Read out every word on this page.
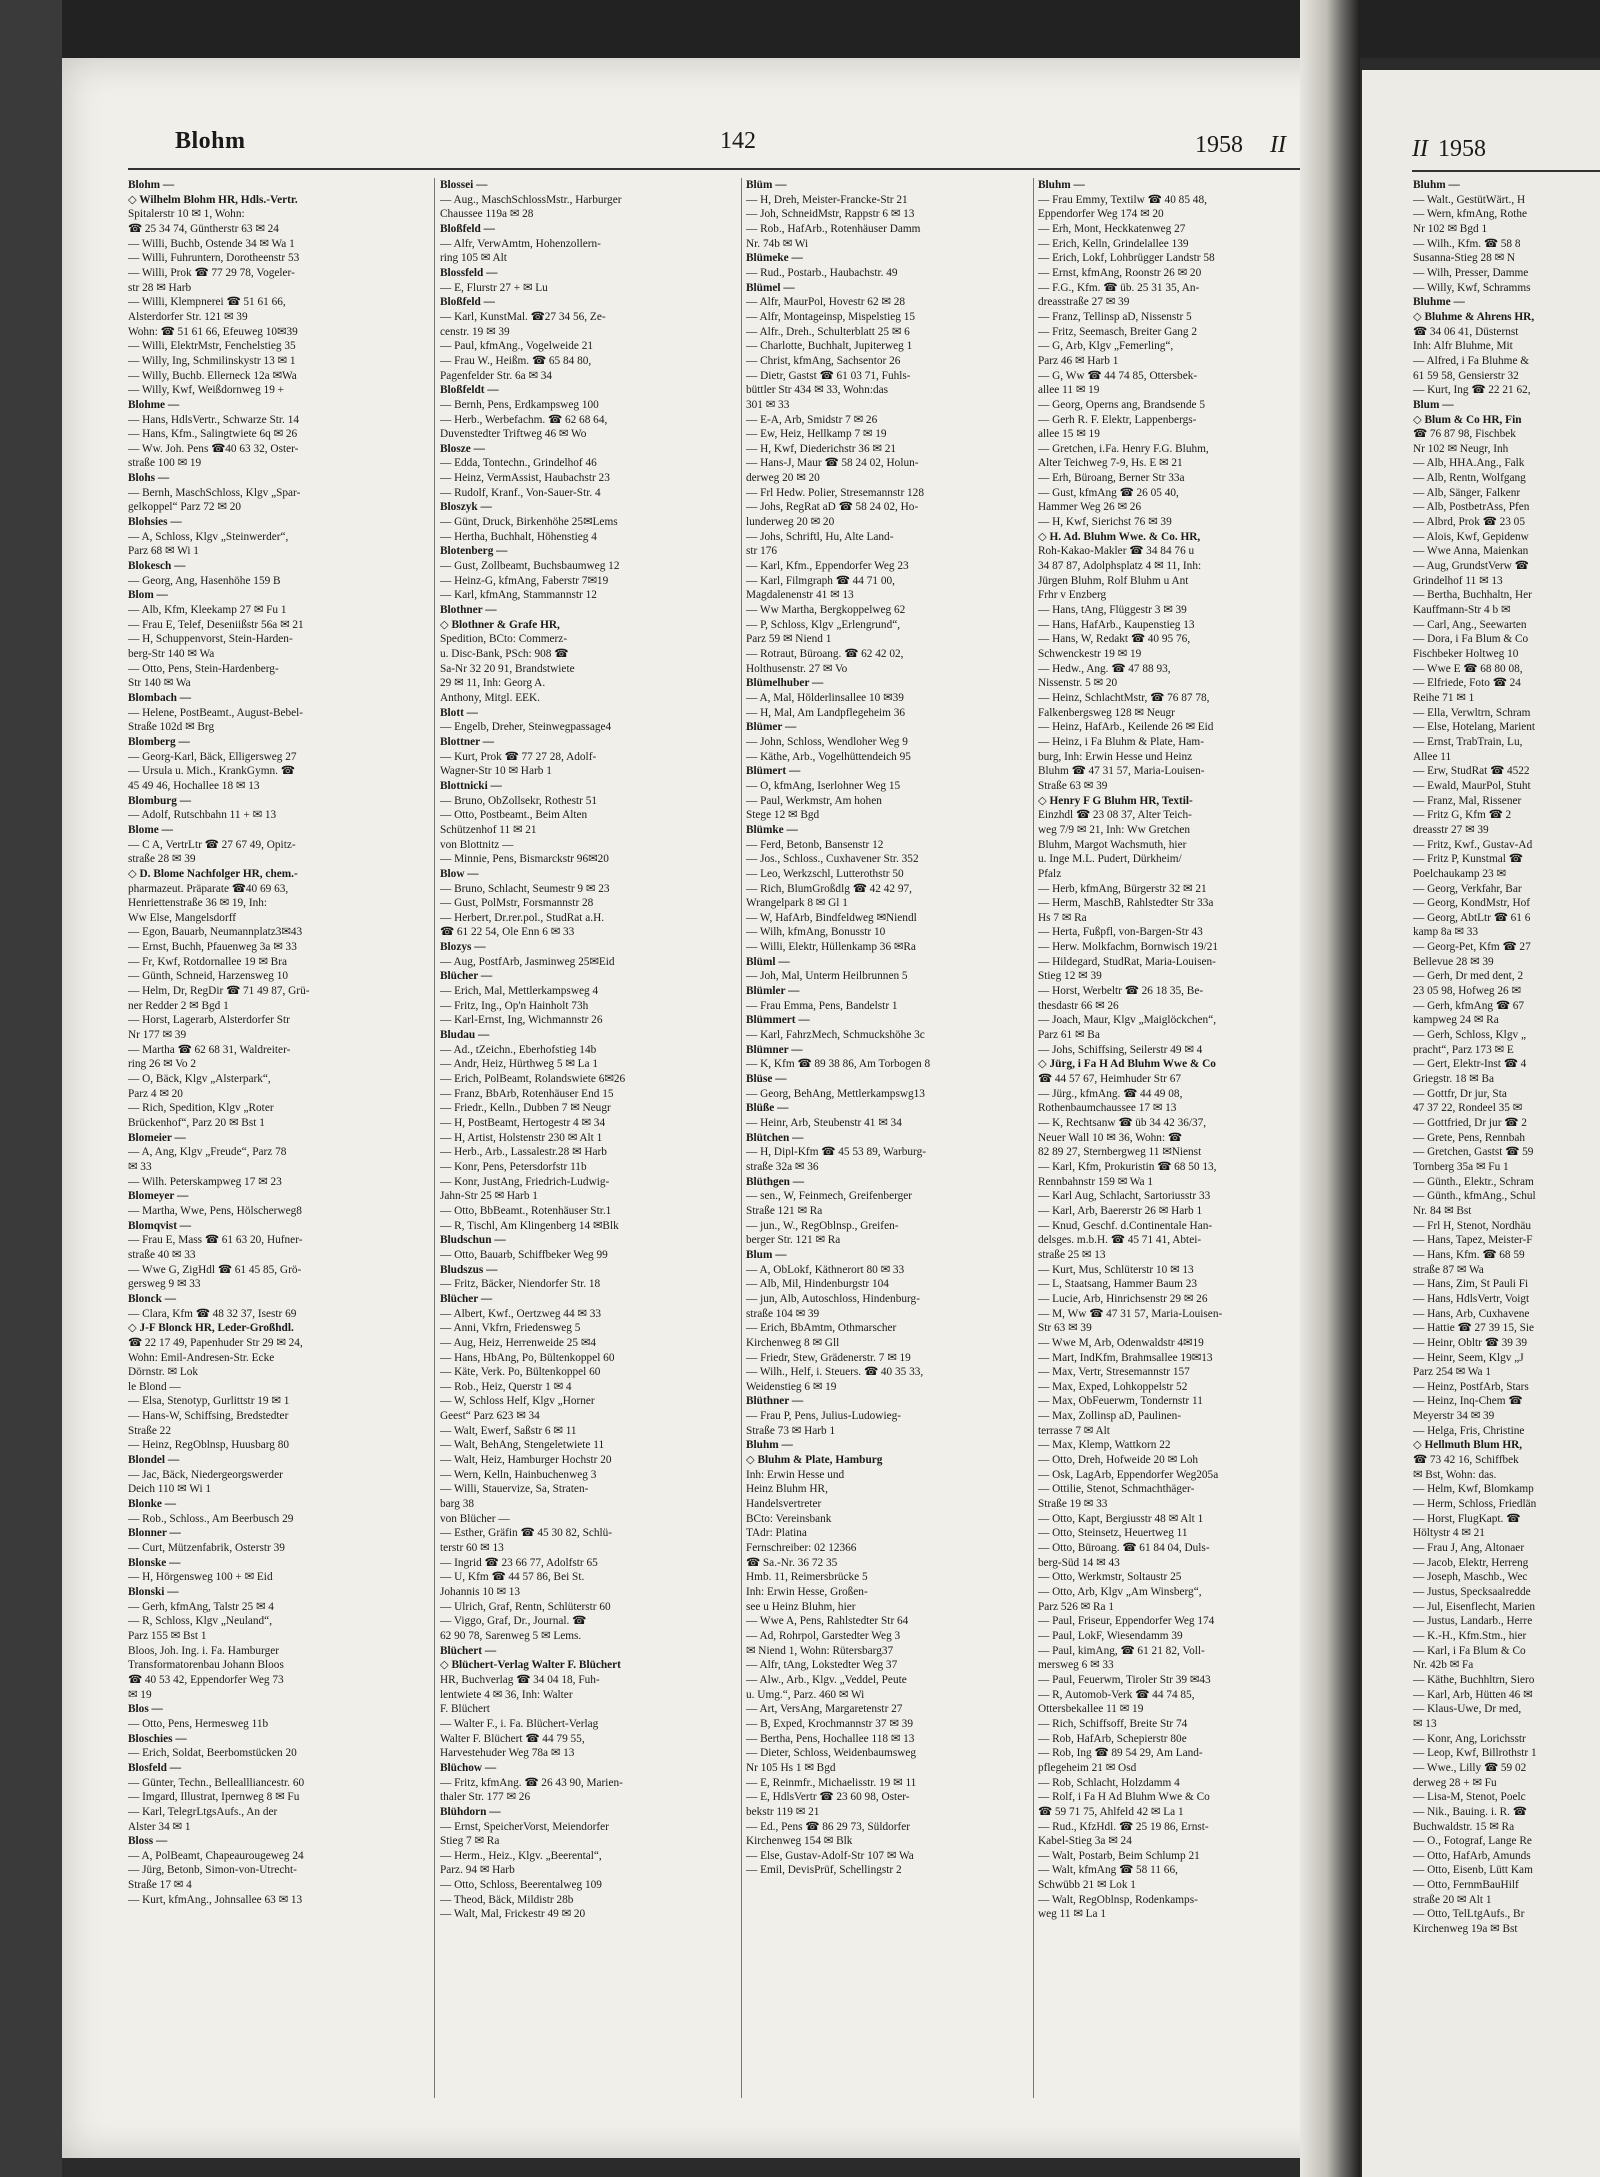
Blohm	142	1958 II	II 1958
Blohm —
◇ Wilhelm Blohm HR, Hdls.-Vertr.
Spitalerstr 10 ✉ 1, Wohn:
☎ 25 34 74, Güntherstr 63 ✉ 24
— Willi, Buchb, Ostende 34 ✉ Wa 1
— Willi, Fuhruntern, Dorotheenstr 53
— Willi, Prok ☎ 77 29 78, Vogeler-
str 28 ✉ Harb
— Willi, Klempnerei ☎ 51 61 66,
Alsterdorfer Str. 121 ✉ 39
Wohn: ☎ 51 61 66, Efeuweg 10✉39
— Willi, ElektrMstr, Fenchelstieg 35
— Willy, Ing, Schmilinskystr 13 ✉ 1
— Willy, Buchb. Ellerneck 12a ✉Wa
— Willy, Kwf, Weißdornweg 19 +
Blohme —
— Hans, HdlsVertr., Schwarze Str. 14
— Hans, Kfm., Salingtwiete 6q ✉ 26
— Ww. Joh. Pens ☎40 63 32, Oster-
straße 100 ✉ 19
Blohs —
— Bernh, MaschSchloss, Klgv „Spar-
gelkoppel“ Parz 72 ✉ 20
Blohsies —
— A, Schloss, Klgv „Steinwerder“,
Parz 68 ✉ Wi 1
Blokesch —
— Georg, Ang, Hasenhöhe 159 B
Blom —
— Alb, Kfm, Kleekamp 27 ✉ Fu 1
— Frau E, Telef, Deseniißstr 56a ✉ 21
— H, Schuppenvorst, Stein-Harden-
berg-Str 140 ✉ Wa
— Otto, Pens, Stein-Hardenberg-
Str 140 ✉ Wa
Blombach —
— Helene, PostBeamt., August-Bebel-
Straße 102d ✉ Brg
Blomberg —
— Georg-Karl, Bäck, Elligersweg 27
— Ursula u. Mich., KrankGymn. ☎
45 49 46, Hochallee 18 ✉ 13
Blomburg —
— Adolf, Rutschbahn 11 + ✉ 13
Blome —
— C A, VertrLtr ☎ 27 67 49, Opitz-
straße 28 ✉ 39
◇ D. Blome Nachfolger HR, chem.-
pharmazeut. Präparate ☎40 69 63,
Henriettenstraße 36 ✉ 19, Inh:
Ww Else, Mangelsdorff
— Egon, Bauarb, Neumannplatz3✉43
— Ernst, Buchh, Pfauenweg 3a ✉ 33
— Fr, Kwf, Rotdornallee 19 ✉ Bra
— Günth, Schneid, Harzensweg 10
— Helm, Dr, RegDir ☎ 71 49 87, Grü-
ner Redder 2 ✉ Bgd 1
— Horst, Lagerarb, Alsterdorfer Str
Nr 177 ✉ 39
— Martha ☎ 62 68 31, Waldreiter-
ring 26 ✉ Vo 2
— O, Bäck, Klgv „Alsterpark“,
Parz 4 ✉ 20
— Rich, Spedition, Klgv „Roter
Brückenhof“, Parz 20 ✉ Bst 1
Blomeier —
— A, Ang, Klgv „Freude“, Parz 78
✉ 33
— Wilh. Peterskampweg 17 ✉ 23
Blomeyer —
— Martha, Wwe, Pens, Hölscherweg8
Blomqvist —
— Frau E, Mass ☎ 61 63 20, Hufner-
straße 40 ✉ 33
— Wwe G, ZigHdl ☎ 61 45 85, Grö-
gersweg 9 ✉ 33
Blonck —
— Clara, Kfm ☎ 48 32 37, Isestr 69
◇ J-F Blonck HR, Leder-Großhdl.
☎ 22 17 49, Papenhuder Str 29 ✉ 24,
Wohn: Emil-Andresen-Str. Ecke
Dörnstr. ✉ Lok
le Blond —
— Elsa, Stenotyp, Gurlittstr 19 ✉ 1
— Hans-W, Schiffsing, Bredstedter
Straße 22
— Heinz, RegOblnsp, Huusbarg 80
Blondel —
— Jac, Bäck, Niedergeorgswerder
Deich 110 ✉ Wi 1
Blonke —
— Rob., Schloss., Am Beerbusch 29
Blonner —
— Curt, Mützenfabrik, Osterstr 39
Blonske —
— H, Hörgensweg 100 + ✉ Eid
Blonski —
— Gerh, kfmAng, Talstr 25 ✉ 4
— R, Schloss, Klgv „Neuland“,
Parz 155 ✉ Bst 1
Bloos, Joh. Ing. i. Fa. Hamburger
Transformatorenbau Johann Bloos
☎ 40 53 42, Eppendorfer Weg 73
✉ 19
Blos —
— Otto, Pens, Hermesweg 11b
Bloschies —
— Erich, Soldat, Beerbomstücken 20
Blosfeld —
— Günter, Techn., Belleallliancestr. 60
— Imgard, Illustrat, Ipernweg 8 ✉ Fu
— Karl, TelegrLtgsAufs., An der
Alster 34 ✉ 1
Bloss —
— A, PolBeamt, Chapeaurougeweg 24
— Jürg, Betonb, Simon-von-Utrecht-
Straße 17 ✉ 4
— Kurt, kfmAng., Johnsallee 63 ✉ 13
Blossei —
— Aug., MaschSchlossMstr., Harburger
Chaussee 119a ✉ 28
Bloßfeld —
— Alfr, VerwAmtm, Hohenzollern-
ring 105 ✉ Alt
Blossfeld —
— E, Flurstr 27 + ✉ Lu
Bloßfeld —
— Karl, KunstMal. ☎27 34 56, Ze-
censtr. 19 ✉ 39
— Paul, kfmAng., Vogelweide 21
— Frau W., Heißm. ☎ 65 84 80,
Pagenfelder Str. 6a ✉ 34
Bloßfeldt —
— Bernh, Pens, Erdkampsweg 100
— Herb., Werbefachm. ☎ 62 68 64,
Duvenstedter Triftweg 46 ✉ Wo
Blosze —
— Edda, Tontechn., Grindelhof 46
— Heinz, VermAssist, Haubachstr 23
— Rudolf, Kranf., Von-Sauer-Str. 4
Bloszyk —
— Günt, Druck, Birkenhöhe 25✉Lems
— Hertha, Buchhalt, Höhenstieg 4
Blotenberg —
— Gust, Zollbeamt, Buchsbaumweg 12
— Heinz-G, kfmAng, Faberstr 7✉19
— Karl, kfmAng, Stammannstr 12
Blothner —
◇ Blothner & Grafe HR,
Spedition, BCto: Commerz-
u. Disc-Bank, PSch: 908 ☎
Sa-Nr 32 20 91, Brandstwiete
29 ✉ 11, Inh: Georg A.
Anthony, Mitgl. EEK.
Blott —
— Engelb, Dreher, Steinwegpassage4
Blottner —
— Kurt, Prok ☎ 77 27 28, Adolf-
Wagner-Str 10 ✉ Harb 1
Blottnicki —
— Bruno, ObZollsekr, Rothestr 51
— Otto, Postbeamt., Beim Alten
Schützenhof 11 ✉ 21
von Blottnitz —
— Minnie, Pens, Bismarckstr 96✉20
Blow —
— Bruno, Schlacht, Seumestr 9 ✉ 23
— Gust, PolMstr, Forsmannstr 28
— Herbert, Dr.rer.pol., StudRat a.H.
☎ 61 22 54, Ole Enn 6 ✉ 33
Blozys —
— Aug, PostfArb, Jasminweg 25✉Eid
Blücher —
— Erich, Mal, Mettlerkampsweg 4
— Fritz, Ing., Op'n Hainholt 73h
— Karl-Ernst, Ing, Wichmannstr 26
Bludau —
— Ad., tZeichn., Eberhofstieg 14b
— Andr, Heiz, Hürthweg 5 ✉ La 1
— Erich, PolBeamt, Rolandswiete 6✉26
— Franz, BbArb, Rotenhäuser End 15
— Friedr., Kelln., Dubben 7 ✉ Neugr
— H, PostBeamt, Hertogestr 4 ✉ 34
— H, Artist, Holstenstr 230 ✉ Alt 1
— Herb., Arb., Lassalestr.28 ✉ Harb
— Konr, Pens, Petersdorfstr 11b
— Konr, JustAng, Friedrich-Ludwig-
Jahn-Str 25 ✉ Harb 1
— Otto, BbBeamt., Rotenhäuser Str.1
— R, Tischl, Am Klingenberg 14 ✉Blk
Bludschun —
— Otto, Bauarb, Schiffbeker Weg 99
Bludszus —
— Fritz, Bäcker, Niendorfer Str. 18
Blücher —
— Albert, Kwf., Oertzweg 44 ✉ 33
— Anni, Vkfrn, Friedensweg 5
— Aug, Heiz, Herrenweide 25 ✉4
— Hans, HbAng, Po, Bültenkoppel 60
— Käte, Verk. Po, Bültenkoppel 60
— Rob., Heiz, Querstr 1 ✉ 4
— W, Schloss Helf, Klgv „Horner
Geest“ Parz 623 ✉ 34
— Walt, Ewerf, Saßstr 6 ✉ 11
— Walt, BehAng, Stengeletwiete 11
— Walt, Heiz, Hamburger Hochstr 20
— Wern, Kelln, Hainbuchenweg 3
— Willi, Stauervize, Sa, Straten-
barg 38
von Blücher —
— Esther, Gräfin ☎ 45 30 82, Schlü-
terstr 60 ✉ 13
— Ingrid ☎ 23 66 77, Adolfstr 65
— U, Kfm ☎ 44 57 86, Bei St.
Johannis 10 ✉ 13
— Ulrich, Graf, Rentn, Schlüterstr 60
— Viggo, Graf, Dr., Journal. ☎
62 90 78, Sarenweg 5 ✉ Lems.
Blüchert —
◇ Blüchert-Verlag Walter F. Blüchert
HR, Buchverlag ☎ 34 04 18, Fuh-
lentwiete 4 ✉ 36, Inh: Walter
F. Blüchert
— Walter F., i. Fa. Blüchert-Verlag
Walter F. Blüchert ☎ 44 79 55,
Harvestehuder Weg 78a ✉ 13
Blüchow —
— Fritz, kfmAng. ☎ 26 43 90, Marien-
thaler Str. 177 ✉ 26
Blühdorn —
— Ernst, SpeicherVorst, Meiendorfer
Stieg 7 ✉ Ra
— Herm., Heiz., Klgv. „Beerental“,
Parz. 94 ✉ Harb
— Otto, Schloss, Beerentalweg 109
— Theod, Bäck, Mildistr 28b
— Walt, Mal, Frickestr 49 ✉ 20
Blüm —
— H, Dreh, Meister-Francke-Str 21
— Joh, SchneidMstr, Rappstr 6 ✉ 13
— Rob., HafArb., Rotenhäuser Damm
Nr. 74b ✉ Wi
Blümeke —
— Rud., Postarb., Haubachstr. 49
Blümel —
— Alfr, MaurPol, Hovestr 62 ✉ 28
— Alfr, Montageinsp, Mispelstieg 15
— Alfr., Dreh., Schulterblatt 25 ✉ 6
— Charlotte, Buchhalt, Jupiterweg 1
— Christ, kfmAng, Sachsentor 26
— Dietr, Gastst ☎ 61 03 71, Fuhls-
büttler Str 434 ✉ 33, Wohn:das
301 ✉ 33
— E-A, Arb, Smidstr 7 ✉ 26
— Ew, Heiz, Hellkamp 7 ✉ 19
— H, Kwf, Diederichstr 36 ✉ 21
— Hans-J, Maur ☎ 58 24 02, Holun-
derweg 20 ✉ 20
— Frl Hedw. Polier, Stresemannstr 128
— Johs, RegRat aD ☎ 58 24 02, Ho-
lunderweg 20 ✉ 20
— Johs, Schriftl, Hu, Alte Land-
str 176
— Karl, Kfm., Eppendorfer Weg 23
— Karl, Filmgraph ☎ 44 71 00,
Magdalenenstr 41 ✉ 13
— Ww Martha, Bergkoppelweg 62
— P, Schloss, Klgv „Erlengrund“,
Parz 59 ✉ Niend 1
— Rotraut, Büroang. ☎ 62 42 02,
Holthusenstr. 27 ✉ Vo
Blümelhuber —
— A, Mal, Hölderlinsallee 10 ✉39
— H, Mal, Am Landpflegeheim 36
Blümer —
— John, Schloss, Wendloher Weg 9
— Käthe, Arb., Vogelhüttendeich 95
Blümert —
— O, kfmAng, Iserlohner Weg 15
— Paul, Werkmstr, Am hohen
Stege 12 ✉ Bgd
Blümke —
— Ferd, Betonb, Bansenstr 12
— Jos., Schloss., Cuxhavener Str. 352
— Leo, Werkzschl, Lutterothstr 50
— Rich, BlumGroßdlg ☎ 42 42 97,
Wrangelpark 8 ✉ Gl 1
— W, HafArb, Bindfeldweg ✉Niendl
— Wilh, kfmAng, Bonusstr 10
— Willi, Elektr, Hüllenkamp 36 ✉Ra
Blüml —
— Joh, Mal, Unterm Heilbrunnen 5
Blümler —
— Frau Emma, Pens, Bandelstr 1
Blümmert —
— Karl, FahrzMech, Schmuckshöhe 3c
Blümner —
— K, Kfm ☎ 89 38 86, Am Torbogen 8
Blüse —
— Georg, BehAng, Mettlerkampswg13
Blüße —
— Heinr, Arb, Steubenstr 41 ✉ 34
Blütchen —
— H, Dipl-Kfm ☎ 45 53 89, Warburg-
straße 32a ✉ 36
Blüthgen —
— sen., W, Feinmech, Greifenberger
Straße 121 ✉ Ra
— jun., W., RegOblnsp., Greifen-
berger Str. 121 ✉ Ra
Blum —
— A, ObLokf, Käthnerort 80 ✉ 33
— Alb, Mil, Hindenburgstr 104
— jun, Alb, Autoschloss, Hindenburg-
straße 104 ✉ 39
— Erich, BbAmtm, Othmarscher
Kirchenweg 8 ✉ Gll
— Friedr, Stew, Grädenerstr. 7 ✉ 19
— Wilh., Helf, i. Steuers. ☎ 40 35 33,
Weidenstieg 6 ✉ 19
Blüthner —
— Frau P, Pens, Julius-Ludowieg-
Straße 73 ✉ Harb 1
Bluhm —
◇ Bluhm & Plate, Hamburg
Inh: Erwin Hesse und
Heinz Bluhm HR,
Handelsvertreter
BCto: Vereinsbank
TAdr: Platina
Fernschreiber: 02 12366
☎ Sa.-Nr. 36 72 35
Hmb. 11, Reimersbrücke 5
Inh: Erwin Hesse, Großen-
see u Heinz Bluhm, hier
— Wwe A, Pens, Rahlstedter Str 64
— Ad, Rohrpol, Garstedter Weg 3
✉ Niend 1, Wohn: Rütersbarg37
— Alfr, tAng, Lokstedter Weg 37
— Alw., Arb., Klgv. „Veddel, Peute
u. Umg.“, Parz. 460 ✉ Wi
— Art, VersAng, Margaretenstr 27
— B, Exped, Krochmannstr 37 ✉ 39
— Bertha, Pens, Hochallee 118 ✉ 13
— Dieter, Schloss, Weidenbaumsweg
Nr 105 Hs 1 ✉ Bgd
— E, Reinmfr., Michaelisstr. 19 ✉ 11
— E, HdlsVertr ☎ 23 60 98, Oster-
bekstr 119 ✉ 21
— Ed., Pens ☎ 86 29 73, Süldorfer
Kirchenweg 154 ✉ Blk
— Else, Gustav-Adolf-Str 107 ✉ Wa
— Emil, DevisPrüf, Schellingstr 2
Bluhm —
— Frau Emmy, Textilw ☎ 40 85 48,
Eppendorfer Weg 174 ✉ 20
— Erh, Mont, Heckkatenweg 27
— Erich, Kelln, Grindelallee 139
— Erich, Lokf, Lohbrügger Landstr 58
— Ernst, kfmAng, Roonstr 26 ✉ 20
— F.G., Kfm. ☎ üb. 25 31 35, An-
dreasstraße 27 ✉ 39
— Franz, Tellinsp aD, Nissenstr 5
— Fritz, Seemasch, Breiter Gang 2
— G, Arb, Klgv „Femerling“,
Parz 46 ✉ Harb 1
— G, Ww ☎ 44 74 85, Ottersbek-
allee 11 ✉ 19
— Georg, Operns ang, Brandsende 5
— Gerh R. F. Elektr, Lappenbergs-
allee 15 ✉ 19
— Gretchen, i.Fa. Henry F.G. Bluhm,
Alter Teichweg 7-9, Hs. E ✉ 21
— Erh, Büroang, Berner Str 33a
— Gust, kfmAng ☎ 26 05 40,
Hammer Weg 26 ✉ 26
— H, Kwf, Sierichst 76 ✉ 39
◇ H. Ad. Bluhm Wwe. & Co. HR,
Roh-Kakao-Makler ☎ 34 84 76 u
34 87 87, Adolphsplatz 4 ✉ 11, Inh:
Jürgen Bluhm, Rolf Bluhm u Ant
Frhr v Enzberg
— Hans, tAng, Flüggestr 3 ✉ 39
— Hans, HafArb., Kaupenstieg 13
— Hans, W, Redakt ☎ 40 95 76,
Schwenckestr 19 ✉ 19
— Hedw., Ang. ☎ 47 88 93,
Nissenstr. 5 ✉ 20
— Heinz, SchlachtMstr, ☎ 76 87 78,
Falkenbergsweg 128 ✉ Neugr
— Heinz, HafArb., Keilende 26 ✉ Eid
— Heinz, i Fa Bluhm & Plate, Ham-
burg, Inh: Erwin Hesse und Heinz
Bluhm ☎ 47 31 57, Maria-Louisen-
Straße 63 ✉ 39
◇ Henry F G Bluhm HR, Textil-
Einzhdl ☎ 23 08 37, Alter Teich-
weg 7/9 ✉ 21, Inh: Ww Gretchen
Bluhm, Margot Wachsmuth, hier
u. Inge M.L. Pudert, Dürkheim/
Pfalz
— Herb, kfmAng, Bürgerstr 32 ✉ 21
— Herm, MaschB, Rahlstedter Str 33a
Hs 7 ✉ Ra
— Herta, Fußpfl, von-Bargen-Str 43
— Herw. Molkfachm, Bornwisch 19/21
— Hildegard, StudRat, Maria-Louisen-
Stieg 12 ✉ 39
— Horst, Werbeltr ☎ 26 18 35, Be-
thesdastr 66 ✉ 26
— Joach, Maur, Klgv „Maiglöckchen“,
Parz 61 ✉ Ba
— Johs, Schiffsing, Seilerstr 49 ✉ 4
◇ Jürg, i Fa H Ad Bluhm Wwe & Co
☎ 44 57 67, Heimhuder Str 67
— Jürg., kfmAng. ☎ 44 49 08,
Rothenbaumchaussee 17 ✉ 13
— K, Rechtsanw ☎ üb 34 42 36/37,
Neuer Wall 10 ✉ 36, Wohn: ☎
82 89 27, Sternbergweg 11 ✉Nienst
— Karl, Kfm, Prokuristin ☎ 68 50 13,
Rennbahnstr 159 ✉ Wa 1
— Karl Aug, Schlacht, Sartoriusstr 33
— Karl, Arb, Baererstr 26 ✉ Harb 1
— Knud, Geschf. d.Continentale Han-
delsges. m.b.H. ☎ 45 71 41, Abtei-
straße 25 ✉ 13
— Kurt, Mus, Schlüterstr 10 ✉ 13
— L, Staatsang, Hammer Baum 23
— Lucie, Arb, Hinrichsenstr 29 ✉ 26
— M, Ww ☎ 47 31 57, Maria-Louisen-
Str 63 ✉ 39
— Wwe M, Arb, Odenwaldstr 4✉19
— Mart, IndKfm, Brahmsallee 19✉13
— Max, Vertr, Stresemannstr 157
— Max, Exped, Lohkoppelstr 52
— Max, ObFeuerwm, Tondernstr 11
— Max, Zollinsp aD, Paulinen-
terrasse 7 ✉ Alt
— Max, Klemp, Wattkorn 22
— Otto, Dreh, Hofweide 20 ✉ Loh
— Osk, LagArb, Eppendorfer Weg205a
— Ottilie, Stenot, Schmachthäger-
Straße 19 ✉ 33
— Otto, Kapt, Bergiusstr 48 ✉ Alt 1
— Otto, Steinsetz, Heuertweg 11
— Otto, Büroang. ☎ 61 84 04, Duls-
berg-Süd 14 ✉ 43
— Otto, Werkmstr, Soltaustr 25
— Otto, Arb, Klgv „Am Winsberg“,
Parz 526 ✉ Ra 1
— Paul, Friseur, Eppendorfer Weg 174
— Paul, LokF, Wiesendamm 39
— Paul, kimAng, ☎ 61 21 82, Voll-
mersweg 6 ✉ 33
— Paul, Feuerwm, Tiroler Str 39 ✉43
— R, Automob-Verk ☎ 44 74 85,
Ottersbekallee 11 ✉ 19
— Rich, Schiffsoff, Breite Str 74
— Rob, HafArb, Schepierstr 80e
— Rob, Ing ☎ 89 54 29, Am Land-
pflegeheim 21 ✉ Osd
— Rob, Schlacht, Holzdamm 4
— Rolf, i Fa H Ad Bluhm Wwe & Co
☎ 59 71 75, Ahlfeld 42 ✉ La 1
— Rud., KfzHdl. ☎ 25 19 86, Ernst-
Kabel-Stieg 3a ✉ 24
— Walt, Postarb, Beim Schlump 21
— Walt, kfmAng ☎ 58 11 66,
Schwübb 21 ✉ Lok 1
— Walt, RegOblnsp, Rodenkamps-
weg 11 ✉ La 1
Bluhm —
— Walt., GestütWärt., H
— Wern, kfmAng, Rothe
Nr 102 ✉ Bgd 1
— Wilh., Kfm. ☎ 58 8
Susanna-Stieg 28 ✉ N
— Wilh, Presser, Damme
— Willy, Kwf, Schramms
Bluhme —
◇ Bluhme & Ahrens HR,
☎ 34 06 41, Düsternst
Inh: Alfr Bluhme, Mit
— Alfred, i Fa Bluhme &
61 59 58, Gensierstr 32
— Kurt, Ing ☎ 22 21 62,
Blum —
◇ Blum & Co HR, Fin
☎ 76 87 98, Fischbek
Nr 102 ✉ Neugr, Inh
— Alb, HHA.Ang., Falk
— Alb, Rentn, Wolfgang
— Alb, Sänger, Falkenr
— Alb, PostbetrAss, Pfen
— Albrd, Prok ☎ 23 05
— Alois, Kwf, Gepidenw
— Wwe Anna, Maienkan
— Aug, GrundstVerw ☎
Grindelhof 11 ✉ 13
— Bertha, Buchhaltn, Her
Kauffmann-Str 4 b ✉
— Carl, Ang., Seewarten
— Dora, i Fa Blum & Co
Fischbeker Holtweg 10
— Wwe E ☎ 68 80 08,
— Elfriede, Foto ☎ 24
Reihe 71 ✉ 1
— Ella, Verwltrn, Schram
— Else, Hotelang, Marient
— Ernst, TrabTrain, Lu,
Allee 11
— Erw, StudRat ☎ 4522
— Ewald, MaurPol, Stuht
— Franz, Mal, Rissener
— Fritz G, Kfm ☎ 2
dreasstr 27 ✉ 39
— Fritz, Kwf., Gustav-Ad
— Fritz P, Kunstmal ☎
Poelchaukamp 23 ✉
— Georg, Verkfahr, Bar
— Georg, KondMstr, Hof
— Georg, AbtLtr ☎ 61 6
kamp 8a ✉ 33
— Georg-Pet, Kfm ☎ 27
Bellevue 28 ✉ 39
— Gerh, Dr med dent, 2
23 05 98, Hofweg 26 ✉
— Gerh, kfmAng ☎ 67
kampweg 24 ✉ Ra
— Gerh, Schloss, Klgv „
pracht“, Parz 173 ✉ E
— Gert, Elektr-Inst ☎ 4
Griegstr. 18 ✉ Ba
— Gottfr, Dr jur, Sta
47 37 22, Rondeel 35 ✉
— Gottfried, Dr jur ☎ 2
— Grete, Pens, Rennbah
— Gretchen, Gastst ☎ 59
Tornberg 35a ✉ Fu 1
— Günth., Elektr., Schram
— Günth., kfmAng., Schul
Nr. 84 ✉ Bst
— Frl H, Stenot, Nordhäu
— Hans, Tapez, Meister-F
— Hans, Kfm. ☎ 68 59
straße 87 ✉ Wa
— Hans, Zim, St Pauli Fi
— Hans, HdlsVertr, Voigt
— Hans, Arb, Cuxhavene
— Hattie ☎ 27 39 15, Sie
— Heinr, Obltr ☎ 39 39
— Heinr, Seem, Klgv „J
Parz 254 ✉ Wa 1
— Heinz, PostfArb, Stars
— Heinz, Inq-Chem ☎
Meyerstr 34 ✉ 39
— Helga, Fris, Christine
◇ Hellmuth Blum HR,
☎ 73 42 16, Schiffbek
✉ Bst, Wohn: das.
— Helm, Kwf, Blomkamp
— Herm, Schloss, Friedlän
— Horst, FlugKapt. ☎
Höltystr 4 ✉ 21
— Frau J, Ang, Altonaer
— Jacob, Elektr, Herreng
— Joseph, Maschb., Wec
— Justus, Specksaalredde
— Jul, Eisenflecht, Marien
— Justus, Landarb., Herre
— K.-H., Kfm.Stm., hier
— Karl, i Fa Blum & Co
Nr. 42b ✉ Fa
— Käthe, Buchhltrn, Siero
— Karl, Arb, Hütten 46 ✉
— Klaus-Uwe, Dr med,
✉ 13
— Konr, Ang, Lorichsstr
— Leop, Kwf, Billrothstr 1
— Wwe., Lilly ☎ 59 02
derweg 28 + ✉ Fu
— Lisa-M, Stenot, Poelc
— Nik., Bauing. i. R. ☎
Buchwaldstr. 15 ✉ Ra
— O., Fotograf, Lange Re
— Otto, HafArb, Amunds
— Otto, Eisenb, Lütt Kam
— Otto, FernmBauHilf
straße 20 ✉ Alt 1
— Otto, TelLtgAufs., Br
Kirchenweg 19a ✉ Bst
